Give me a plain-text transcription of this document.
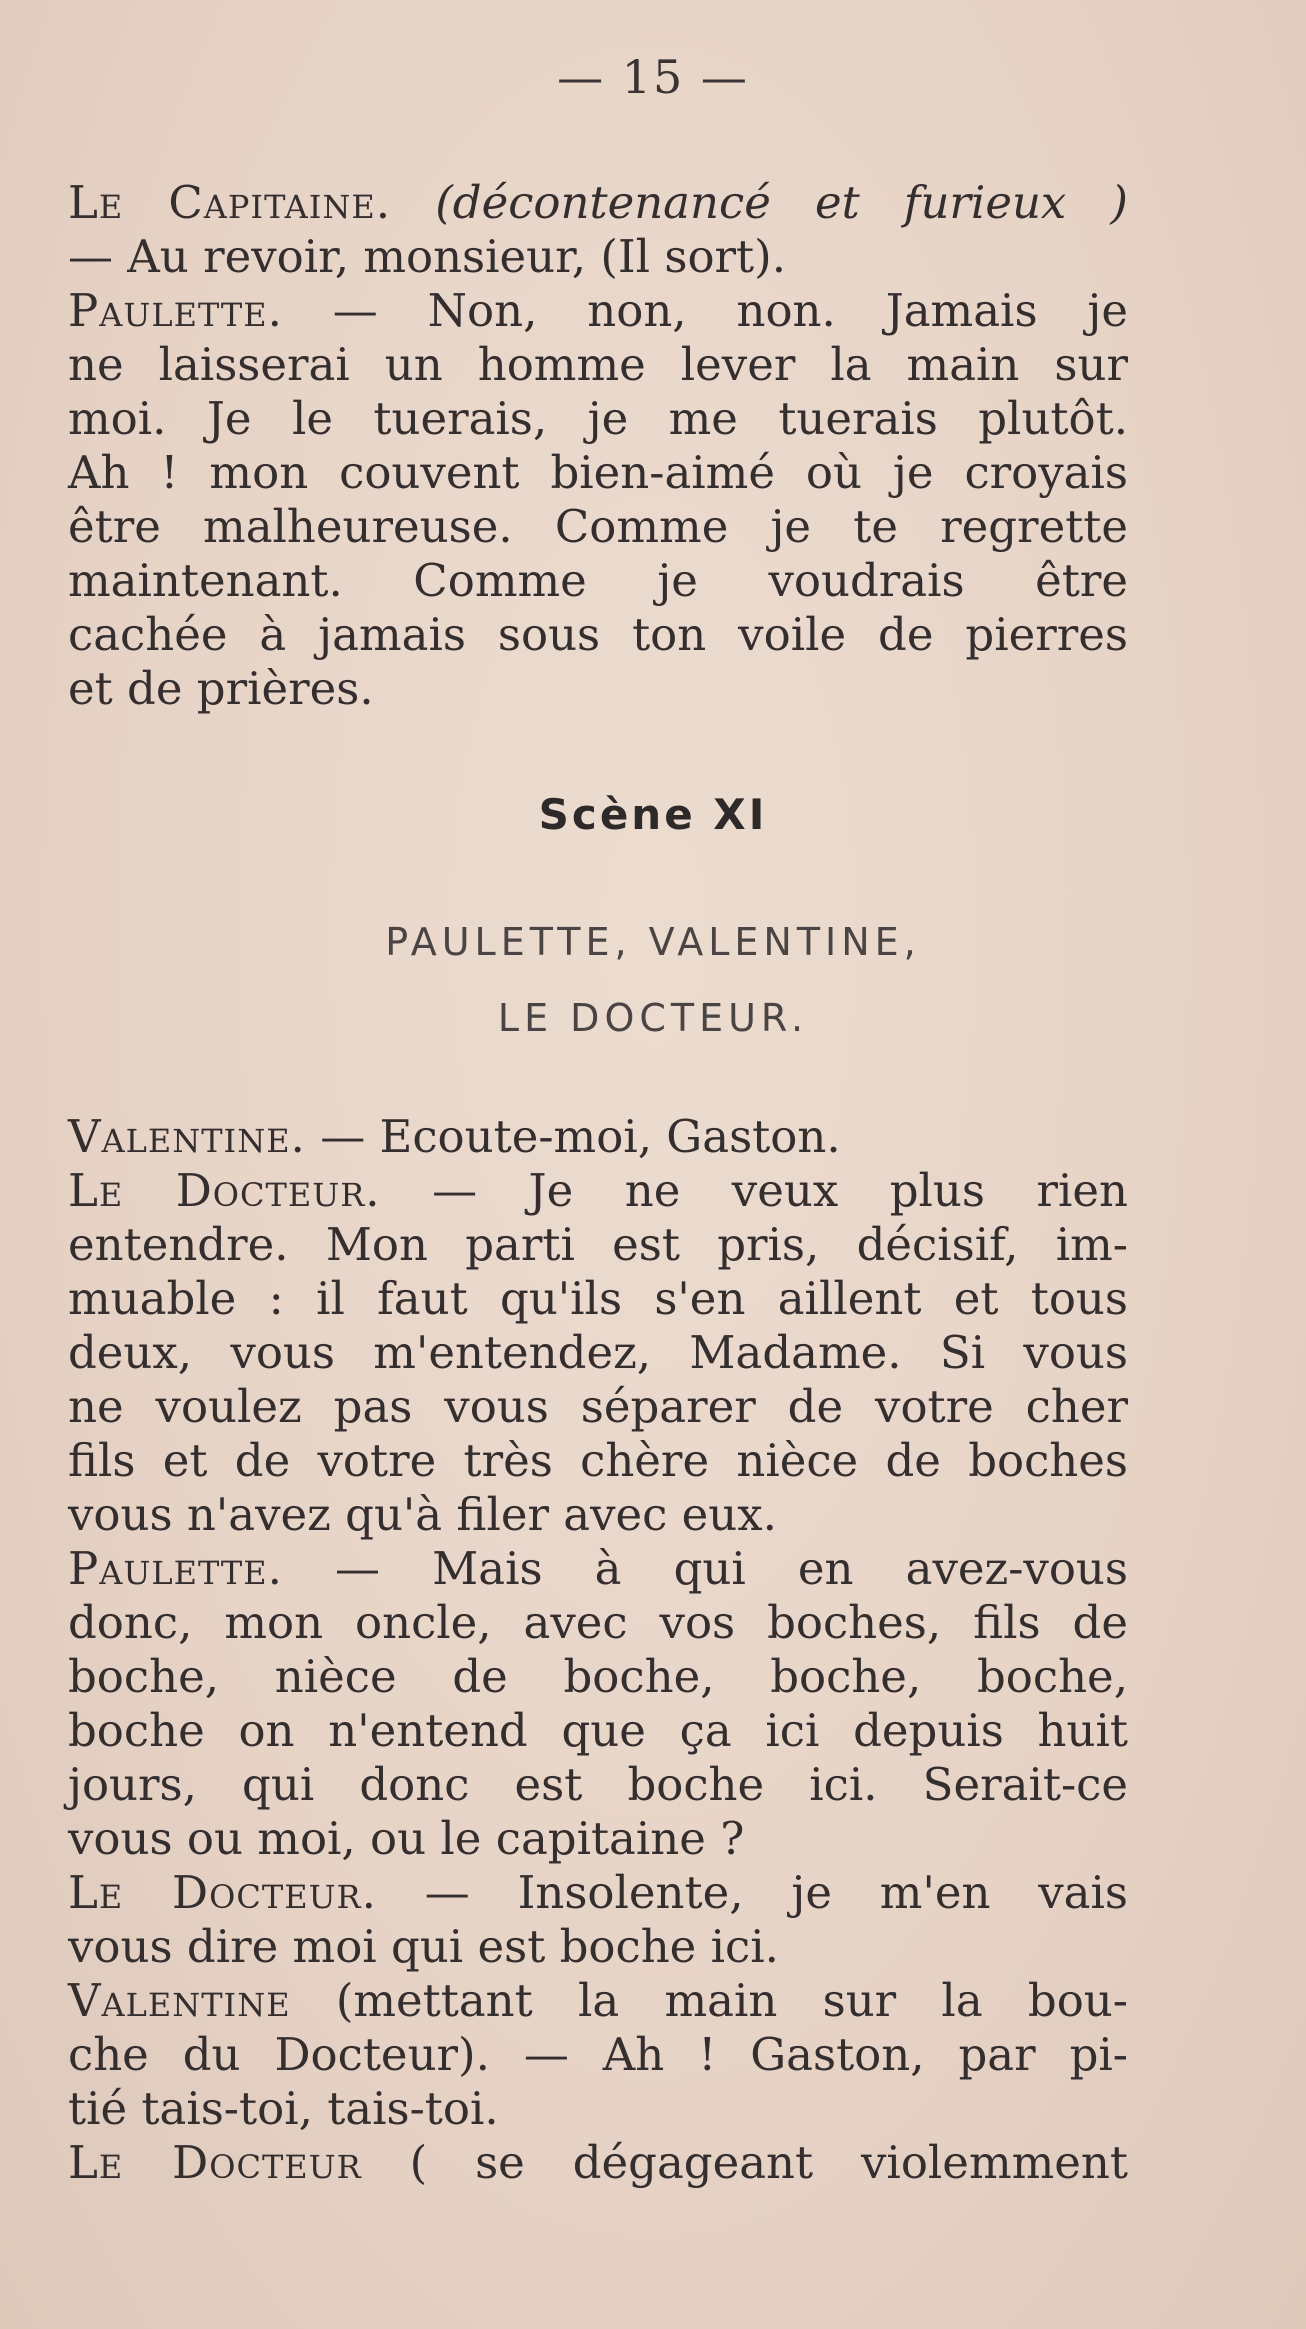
— 15 —
Le Capitaine. (décontenancé et furieux )
— Au revoir, monsieur, (Il sort).
Paulette. — Non, non, non. Jamais je
ne laisserai un homme lever la main sur
moi. Je le tuerais, je me tuerais plutôt.
Ah ! mon couvent bien-aimé où je croyais
être malheureuse. Comme je te regrette
maintenant. Comme je voudrais être
cachée à jamais sous ton voile de pierres
et de prières.
Scène XI
PAULETTE, VALENTINE,
LE DOCTEUR.
Valentine. — Ecoute-moi, Gaston.
Le Docteur. — Je ne veux plus rien
entendre. Mon parti est pris, décisif, im-
muable : il faut qu'ils s'en aillent et tous
deux, vous m'entendez, Madame. Si vous
ne voulez pas vous séparer de votre cher
fils et de votre très chère nièce de boches
vous n'avez qu'à filer avec eux.
Paulette. — Mais à qui en avez-vous
donc, mon oncle, avec vos boches, fils de
boche, nièce de boche, boche, boche,
boche on n'entend que ça ici depuis huit
jours, qui donc est boche ici. Serait-ce
vous ou moi, ou le capitaine ?
Le Docteur. — Insolente, je m'en vais
vous dire moi qui est boche ici.
Valentine (mettant la main sur la bou-
che du Docteur). — Ah ! Gaston, par pi-
tié tais-toi, tais-toi.
Le Docteur ( se dégageant violemment
